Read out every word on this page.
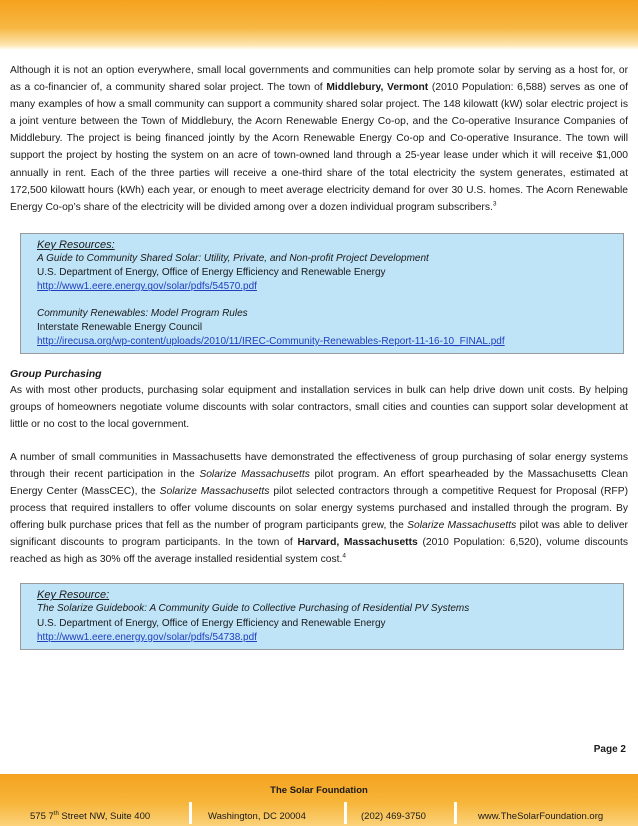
Although it is not an option everywhere, small local governments and communities can help promote solar by serving as a host for, or as a co-financier of, a community shared solar project. The town of Middlebury, Vermont (2010 Population: 6,588) serves as one of many examples of how a small community can support a community shared solar project. The 148 kilowatt (kW) solar electric project is a joint venture between the Town of Middlebury, the Acorn Renewable Energy Co-op, and the Co-operative Insurance Companies of Middlebury. The project is being financed jointly by the Acorn Renewable Energy Co-op and Co-operative Insurance. The town will support the project by hosting the system on an acre of town-owned land through a 25-year lease under which it will receive $1,000 annually in rent. Each of the three parties will receive a one-third share of the total electricity the system generates, estimated at 172,500 kilowatt hours (kWh) each year, or enough to meet average electricity demand for over 30 U.S. homes. The Acorn Renewable Energy Co-op’s share of the electricity will be divided among over a dozen individual program subscribers.$^3$

Key Resources:
A Guide to Community Shared Solar: Utility, Private, and Non-profit Project Development
U.S. Department of Energy, Office of Energy Efficiency and Renewable Energy
http://www1.eere.energy.gov/solar/pdfs/54570.pdf
Community Renewables: Model Program Rules
Interstate Renewable Energy Council
http://irecusa.org/wp-content/uploads/2010/11/IREC-Community-Renewables-Report-11-16-10_FINAL.pdf
Group Purchasing

As with most other products, purchasing solar equipment and installation services in bulk can help drive down unit costs. By helping groups of homeowners negotiate volume discounts with solar contractors, small cities and counties can support solar development at little or no cost to the local government.

A number of small communities in Massachusetts have demonstrated the effectiveness of group purchasing of solar energy systems through their recent participation in the Solarize Massachusetts pilot program. An effort spearheaded by the Massachusetts Clean Energy Center (MassCEC), the Solarize Massachusetts pilot selected contractors through a competitive Request for Proposal (RFP) process that required installers to offer volume discounts on solar energy systems purchased and installed through the program. By offering bulk purchase prices that fell as the number of program participants grew, the Solarize Massachusetts pilot was able to deliver significant discounts to program participants. In the town of Harvard, Massachusetts (2010 Population: 6,520), volume discounts reached as high as 30% off the average installed residential system cost.$^4$

Key Resource:
The Solarize Guidebook: A Community Guide to Collective Purchasing of Residential PV Systems
U.S. Department of Energy, Office of Energy Efficiency and Renewable Energy
http://www1.eere.energy.gov/solar/pdfs/54738.pdf
Page 2
The Solar Foundation
575 7th Street NW, Suite 400	Washington, DC 20004	(202) 469-3750	www.TheSolarFoundation.org
